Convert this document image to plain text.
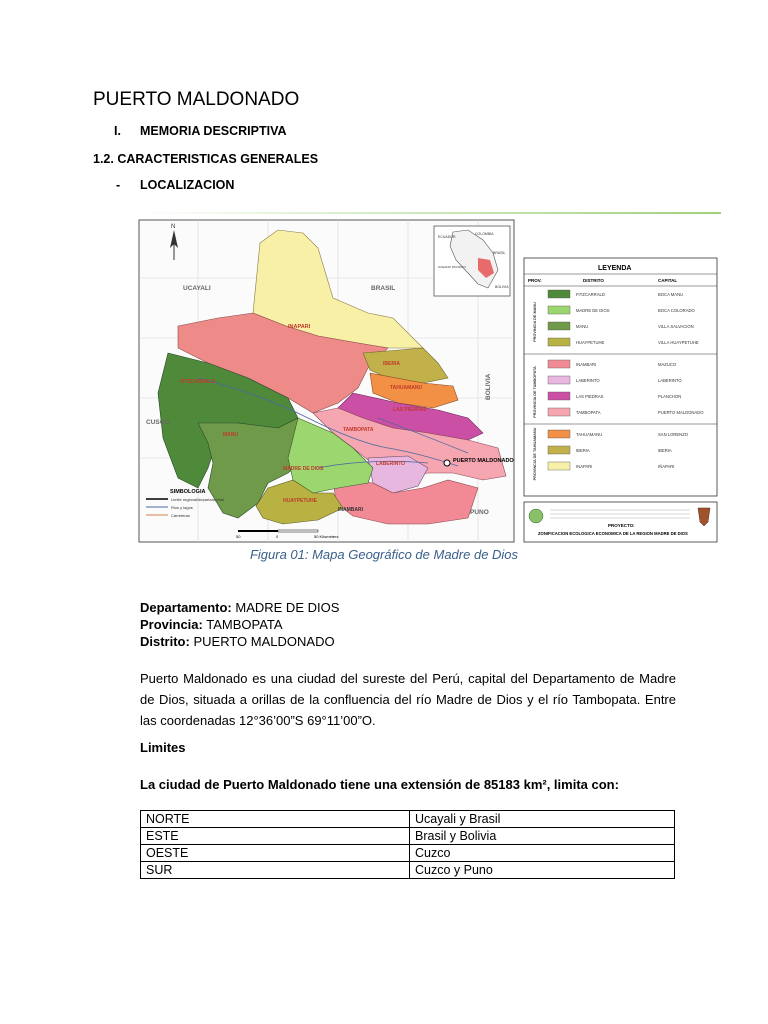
PUERTO MALDONADO
I. MEMORIA DESCRIPTIVA
1.2. CARACTERISTICAS GENERALES
- LOCALIZACION
N
UCAYALI	BRASIL
BOLIVIA
CUSCO
PUNO
INAPARI
IBERIA
TAHUAMANU
LAS PIEDRAS
TAMBOPATA
FITZCARRALD
MANU
MADRE DE DIOS
LABERINTO
HUAYPETUHE
INAMBARI
PUERTO MALDONADO
SIMBOLOGIA
Limite regional/departamental
Rios y lagos
Carreteras
50	0	50 Kilometers
ECUADOR
COLOMBIA
BRASIL
BOLIVIA
OCEANO PACIFICO	LEYENDA
PROV.	DISTRITO	CAPITAL
FITZCARRALD	BOCA MANU
MADRE DE DIOS	BOCA COLORADO
MANU	VILLA SALVACION
HUAYPETUHE	VILLA HUAYPETUHE
PROVINCIA DE MANU
INAMBARI	MAZUCO
LABERINTO	LABERINTO
LAS PIEDRAS	PLANCHON
TAMBOPATA	PUERTO MALDONADO
PROVINCIA DE TAMBOPATA
TAHUAMANU	SAN LORENZO
IBERIA	IBERIA
INAPARI	IÑAPARI
PROVINCIA DE TAHUAMANU
PROYECTO:
ZONIFICACION ECOLOGICA ECONOMICA DE LA REGION MADRE DE DIOS
Figura 01: Mapa Geográfico de Madre de Dios
Departamento: MADRE DE DIOS
Provincia: TAMBOPATA
Distrito: PUERTO MALDONADO
Puerto Maldonado es una ciudad del sureste del Perú, capital del Departamento de Madre de Dios, situada a orillas de la confluencia del río Madre de Dios y el río Tambopata. Entre las coordenadas 12°36’00”S 69°11’00”O.
Limites
La ciudad de Puerto Maldonado tiene una extensión de 85183 km², limita con:
NORTE	Ucayali y Brasil
ESTE	Brasil y Bolivia
OESTE	Cuzco
SUR	Cuzco y Puno
